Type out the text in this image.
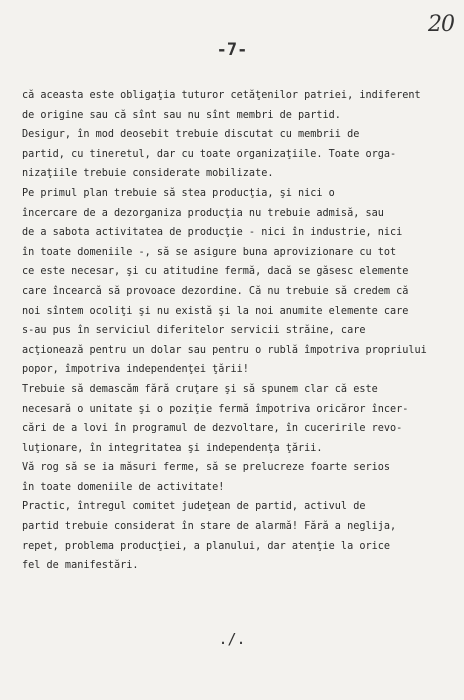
20
-7-
că aceasta este obligaţia tuturor cetăţenilor patriei, indiferent
de origine sau că sînt sau nu sînt membri de partid.
Desigur, în mod deosebit trebuie discutat cu membrii de
partid, cu tineretul, dar cu toate organizaţiile. Toate orga-
nizaţiile trebuie considerate mobilizate.
Pe primul plan trebuie să stea producţia, şi nici o
încercare de a dezorganiza producţia nu trebuie admisă, sau
de a sabota activitatea de producţie - nici în industrie, nici
în toate domeniile -, să se asigure buna aprovizionare cu tot
ce este necesar, şi cu atitudine fermă, dacă se găsesc elemente
care încearcă să provoace dezordine. Că nu trebuie să credem că
noi sîntem ocoliţi şi nu există şi la noi anumite elemente care
s-au pus în serviciul diferitelor servicii străine, care
acţionează pentru un dolar sau pentru o rublă împotriva propriului
popor, împotriva independenţei ţării!
Trebuie să demascăm fără cruţare şi să spunem clar că este
necesară o unitate şi o poziţie fermă împotriva oricăror încer-
cări de a lovi în programul de dezvoltare, în cuceririle revo-
luţionare, în integritatea şi independenţa ţării.
Vă rog să se ia măsuri ferme, să se prelucreze foarte serios
în toate domeniile de activitate!
Practic, întregul comitet judeţean de partid, activul de
partid trebuie considerat în stare de alarmă! Fără a neglija,
repet, problema producţiei, a planului, dar atenţie la orice
fel de manifestări.
./.
